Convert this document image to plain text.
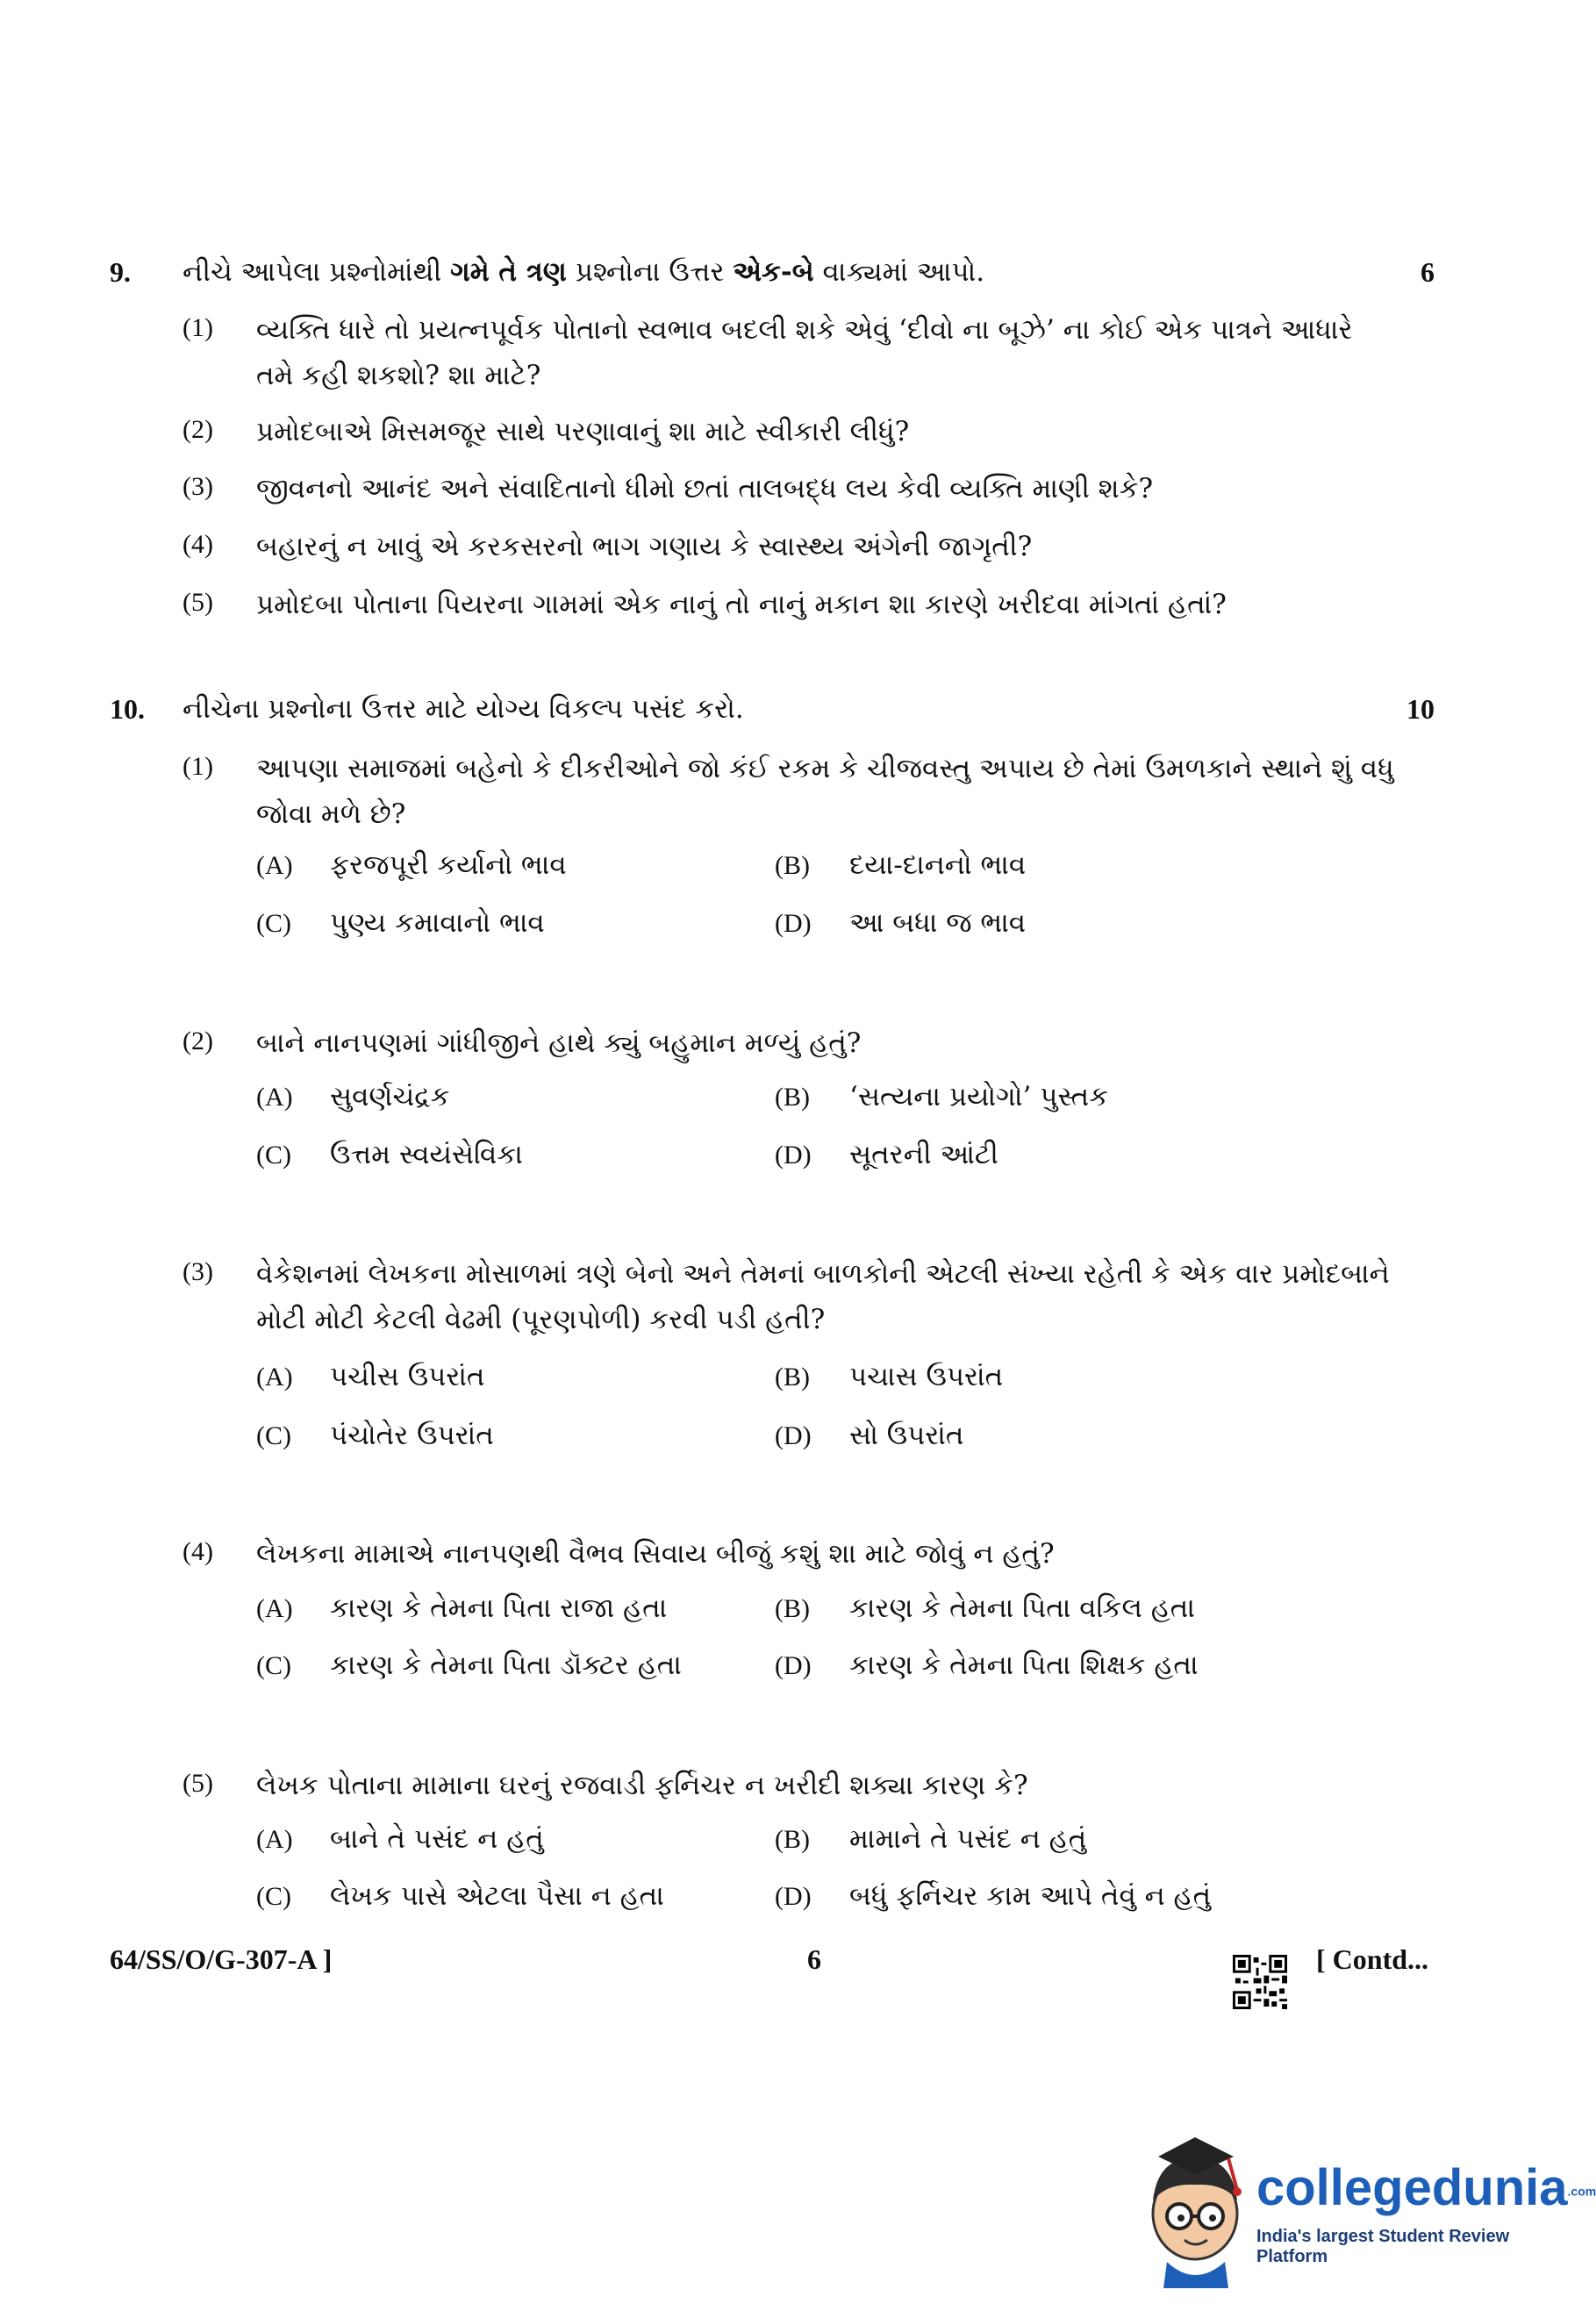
9. નીચે આપેલા પ્રશ્નોમાંથી ગમે તે ત્રણ પ્રશ્નોના ઉત્તર એક-બે વાક્યમાં આપો.	6
(1) વ્યક્તિ ધારે તો પ્રયત્નપૂર્વક પોતાનો સ્વભાવ બદલી શકે એવું ‘દીવો ના બૂઝે’ ના કોઈ એક પાત્રને આધારે તમે કહી શકશો? શા માટે?
(2) પ્રમોદબાએ મિસમજૂર સાથે પરણાવાનું શા માટે સ્વીકારી લીધું?
(3) જીવનનો આનંદ અને સંવાદિતાનો ધીમો છતાં તાલબદ્ધ લય કેવી વ્યક્તિ માણી શકે?
(4) બહારનું ન ખાવું એ કરકસરનો ભાગ ગણાય કે સ્વાસ્થ્ય અંગેની જાગૃતી?
(5) પ્રમોદબા પોતાના પિયરના ગામમાં એક નાનું તો નાનું મકાન શા કારણે ખરીદવા માંગતાં હતાં?
10. નીચેના પ્રશ્નોના ઉત્તર માટે યોગ્ય વિકલ્પ પસંદ કરો.	10
(1) આપણા સમાજમાં બહેનો કે દીકરીઓને જો કંઈ રકમ કે ચીજવસ્તુ અપાય છે તેમાં ઉમળકાને સ્થાને શું વધુ જોવા મળે છે?
(A) ફરજપૂરી કર્યાનો ભાવ	(B) દયા-દાનનો ભાવ
(C) પુણ્ય કમાવાનો ભાવ	(D) આ બધા જ ભાવ
(2) બાને નાનપણમાં ગાંધીજીને હાથે ક્યું બહુમાન મળ્યું હતું?
(A) સુવર્ણચંદ્રક	(B) ‘સત્યના પ્રયોગો’ પુસ્તક
(C) ઉત્તમ સ્વયંસેવિકા	(D) સૂતરની આંટી
(3) વેકેશનમાં લેખકના મોસાળમાં ત્રણે બેનો અને તેમનાં બાળકોની એટલી સંખ્યા રહેતી કે એક વાર પ્રમોદબાને મોટી મોટી કેટલી વેઢમી (પૂરણપોળી) કરવી પડી હતી?
(A) પચીસ ઉપરાંત	(B) પચાસ ઉપરાંત
(C) પંચોતેર ઉપરાંત	(D) સો ઉપરાંત
(4) લેખકના મામાએ નાનપણથી વૈભવ સિવાય બીજું કશું શા માટે જોવું ન હતું?
(A) કારણ કે તેમના પિતા રાજા હતા	(B) કારણ કે તેમના પિતા વકિલ હતા
(C) કારણ કે તેમના પિતા ડૉક્ટર હતા	(D) કારણ કે તેમના પિતા શિક્ષક હતા
(5) લેખક પોતાના મામાના ઘરનું રજવાડી ફર્નિચર ન ખરીદી શક્યા કારણ કે?
(A) બાને તે પસંદ ન હતું	(B) મામાને તે પસંદ ન હતું
(C) લેખક પાસે એટલા પૈસા ન હતા	(D) બધું ફર્નિચર કામ આપે તેવું ન હતું
64/SS/O/G-307-A ]	6	[ Contd...
collegedunia.com
India's largest Student Review Platform
